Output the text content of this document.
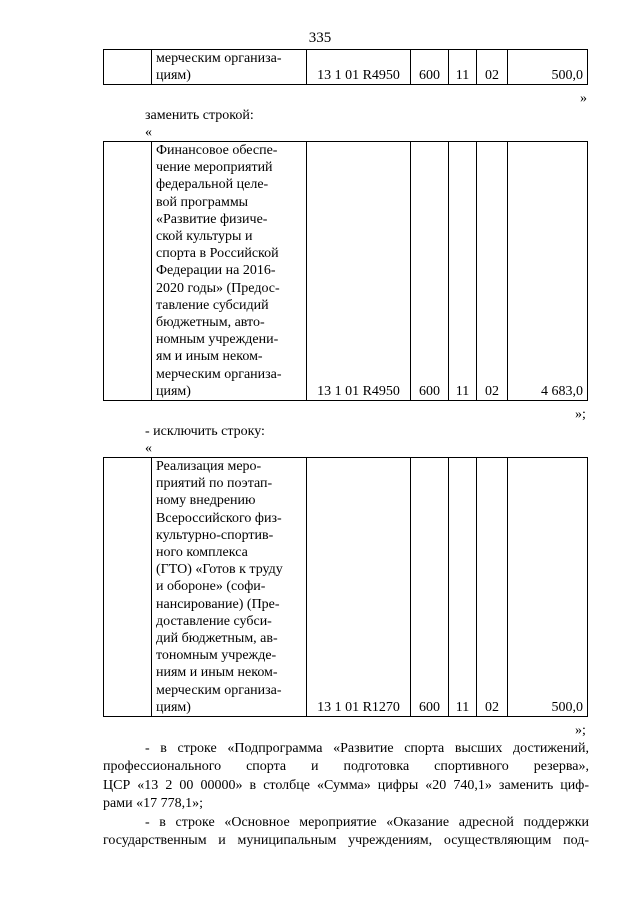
335

мерческим организа-
циям)	13 1 01 R4950	600	11	02	500,0
»
заменить строкой:
«

Финансовое обеспе-
чение мероприятий
федеральной целе-
вой программы
«Развитие физиче-
ской культуры и
спорта в Российской
Федерации на 2016-
2020 годы» (Предос-
тавление субсидий
бюджетным, авто-
номным учреждени-
ям и иным неком-
мерческим организа-
циям)	13 1 01 R4950	600	11	02	4 683,0
»;
- исключить строку:
«

Реализация меро-
приятий по поэтап-
ному внедрению
Всероссийского физ-
культурно-спортив-
ного комплекса
(ГТО) «Готов к труду
и обороне» (софи-
нансирование) (Пре-
доставление субси-
дий бюджетным, ав-
тономным учрежде-
ниям и иным неком-
мерческим организа-
циям)	13 1 01 R1270	600	11	02	500,0
»;
- в строке «Подпрограмма «Развитие спорта высших достижений,
профессионального спорта и подготовка спортивного резерва»,
ЦСР «13 2 00 00000» в столбце «Сумма» цифры «20 740,1» заменить циф-
рами «17 778,1»;
- в строке «Основное мероприятие «Оказание адресной поддержки
государственным и муниципальным учреждениям, осуществляющим под-
